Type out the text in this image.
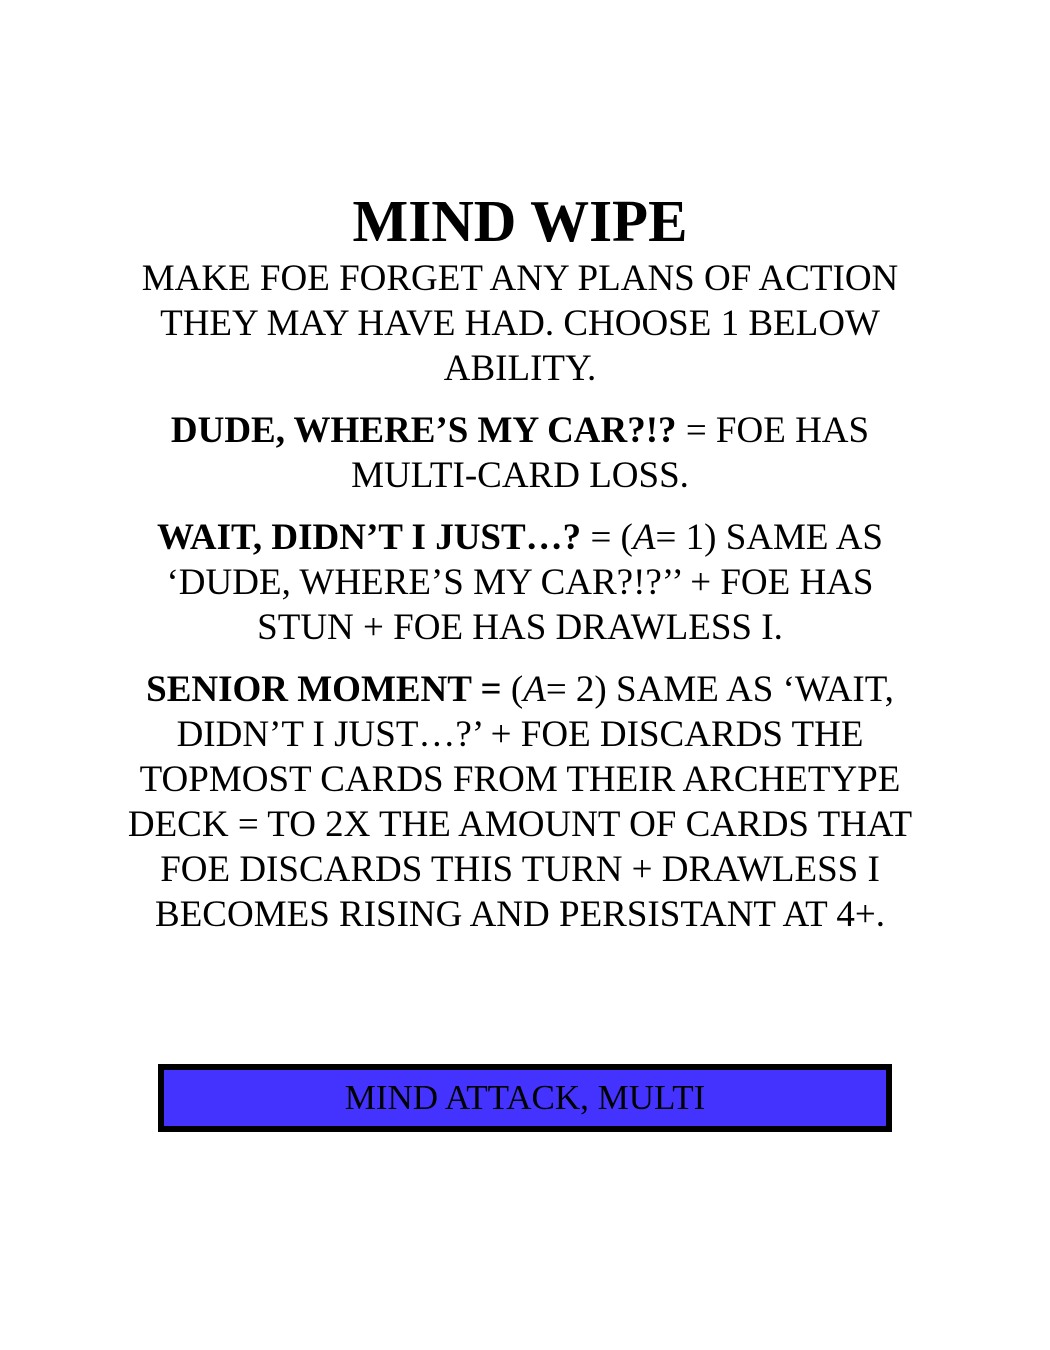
MIND WIPE

MAKE FOE FORGET ANY PLANS OF ACTION THEY MAY HAVE HAD. CHOOSE 1 BELOW ABILITY.

DUDE, WHERE’S MY CAR?!? = FOE HAS MULTI-CARD LOSS.

WAIT, DIDN’T I JUST…? = (A= 1) SAME AS ‘DUDE, WHERE’S MY CAR?!?’’ + FOE HAS STUN + FOE HAS DRAWLESS I.

SENIOR MOMENT = (A= 2) SAME AS ‘WAIT, DIDN’T I JUST…?’ + FOE DISCARDS THE TOPMOST CARDS FROM THEIR ARCHETYPE DECK = TO 2X THE AMOUNT OF CARDS THAT FOE DISCARDS THIS TURN + DRAWLESS I BECOMES RISING AND PERSISTANT AT 4+.

MIND ATTACK, MULTI
